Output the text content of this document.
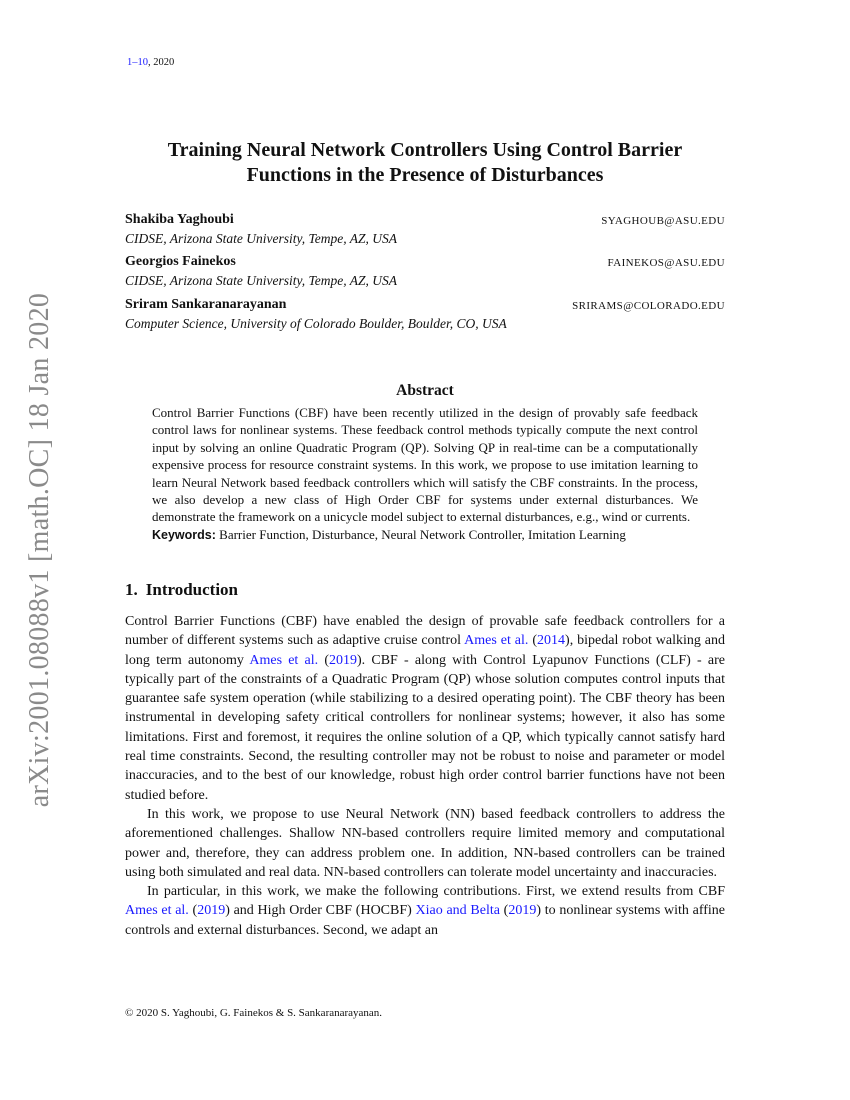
1–10, 2020
arXiv:2001.08088v1 [math.OC] 18 Jan 2020
Training Neural Network Controllers Using Control Barrier
Functions in the Presence of Disturbances
Shakiba Yaghoubi	SYAGHOUB@ASU.EDU
CIDSE, Arizona State University, Tempe, AZ, USA
Georgios Fainekos	FAINEKOS@ASU.EDU
CIDSE, Arizona State University, Tempe, AZ, USA
Sriram Sankaranarayanan	SRIRAMS@COLORADO.EDU
Computer Science, University of Colorado Boulder, Boulder, CO, USA
Abstract
Control Barrier Functions (CBF) have been recently utilized in the design of provably safe feedback control laws for nonlinear systems. These feedback control methods typically compute the next control input by solving an online Quadratic Program (QP). Solving QP in real-time can be a computationally expensive process for resource constraint systems. In this work, we propose to use imitation learning to learn Neural Network based feedback controllers which will satisfy the CBF constraints. In the process, we also develop a new class of High Order CBF for systems under external disturbances. We demonstrate the framework on a unicycle model subject to external disturbances, e.g., wind or currents.
Keywords: Barrier Function, Disturbance, Neural Network Controller, Imitation Learning
1. Introduction

Control Barrier Functions (CBF) have enabled the design of provable safe feedback controllers for a number of different systems such as adaptive cruise control Ames et al. (2014), bipedal robot walking and long term autonomy Ames et al. (2019). CBF - along with Control Lyapunov Functions (CLF) - are typically part of the constraints of a Quadratic Program (QP) whose solution computes control inputs that guarantee safe system operation (while stabilizing to a desired operating point). The CBF theory has been instrumental in developing safety critical controllers for nonlinear systems; however, it also has some limitations. First and foremost, it requires the online solution of a QP, which typically cannot satisfy hard real time constraints. Second, the resulting controller may not be robust to noise and parameter or model inaccuracies, and to the best of our knowledge, robust high order control barrier functions have not been studied before.

In this work, we propose to use Neural Network (NN) based feedback controllers to address the aforementioned challenges. Shallow NN-based controllers require limited memory and computational power and, therefore, they can address problem one. In addition, NN-based controllers can be trained using both simulated and real data. NN-based controllers can tolerate model uncertainty and inaccuracies.

In particular, in this work, we make the following contributions. First, we extend results from CBF Ames et al. (2019) and High Order CBF (HOCBF) Xiao and Belta (2019) to nonlinear systems with affine controls and external disturbances. Second, we adapt an

© 2020 S. Yaghoubi, G. Fainekos & S. Sankaranarayanan.
